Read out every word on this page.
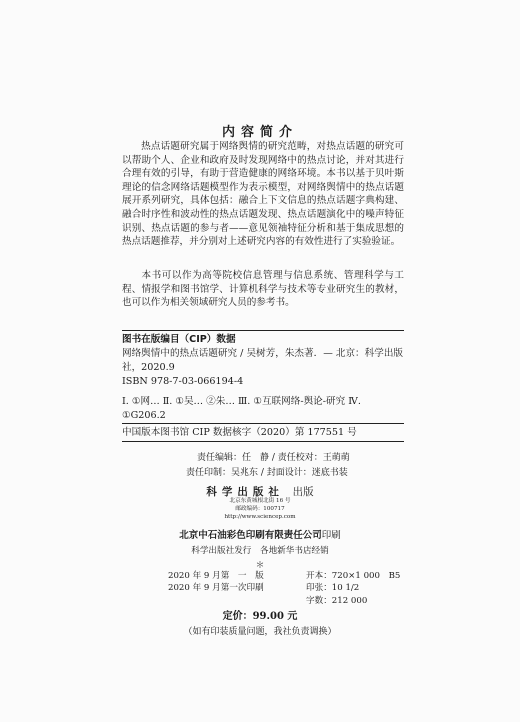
内容简介
热点话题研究属于网络舆情的研究范畴，对热点话题的研究可以帮助个人、企业和政府及时发现网络中的热点讨论，并对其进行合理有效的引导，有助于营造健康的网络环境。本书以基于贝叶斯理论的信念网络话题模型作为表示模型，对网络舆情中的热点话题展开系列研究，具体包括：融合上下文信息的热点话题字典构建、融合时序性和波动性的热点话题发现、热点话题演化中的噪声特征识别、热点话题的参与者——意见领袖特征分析和基于集成思想的热点话题推荐，并分别对上述研究内容的有效性进行了实验验证。
本书可以作为高等院校信息管理与信息系统、管理科学与工程、情报学和图书馆学、计算机科学与技术等专业研究生的教材，也可以作为相关领域研究人员的参考书。
图书在版编目（CIP）数据
网络舆情中的热点话题研究 / 吴树芳，朱杰著．— 北京：科学出版
社，2020.9
ISBN 978-7-03-066194-4
Ⅰ. ①网… Ⅱ. ①吴… ②朱… Ⅲ. ①互联网络-舆论-研究 Ⅳ.
①G206.2
中国版本图书馆 CIP 数据核字（2020）第 177551 号
责任编辑：任　静 / 责任校对：王萌萌
责任印制：吴兆东 / 封面设计：迷底书装
科学出版社 出版
北京东黄城根北街 16 号
邮政编码：100717
http://www.sciencep.com
北京中石油彩色印刷有限责任公司印刷
科学出版社发行　各地新华书店经销
＊
2020 年 9 月第　一　版	开本：720×1 000　B5
2020 年 9 月第一次印刷	印张：10 1/2
	字数：212 000
定价：99.00 元
（如有印装质量问题，我社负责调换）
